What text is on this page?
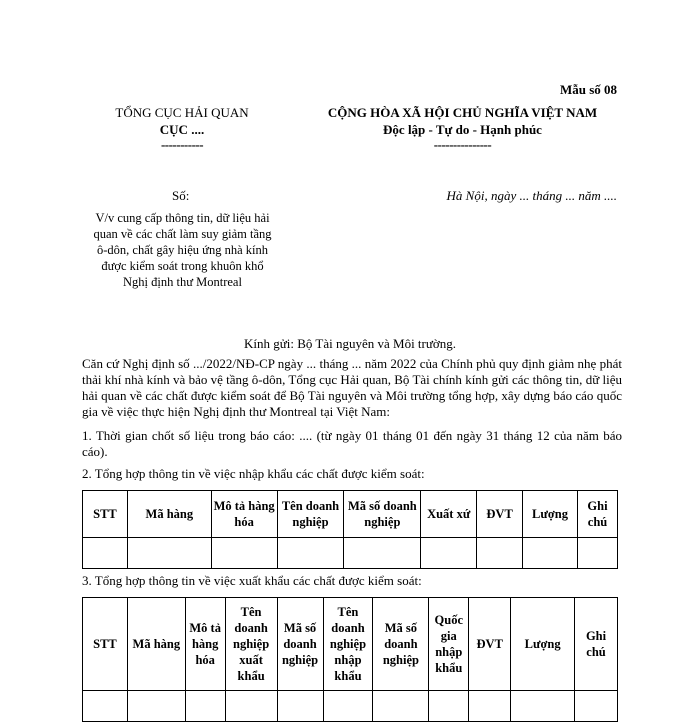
Mẫu số 08
TỔNG CỤC HẢI QUAN
CỤC ....
-----------
CỘNG HÒA XÃ HỘI CHỦ NGHĨA VIỆT NAM
Độc lập - Tự do - Hạnh phúc
---------------
Số:	Hà Nội, ngày ... tháng ... năm ....
V/v cung cấp thông tin, dữ liệu hải quan về các chất làm suy giảm tầng ô-dôn, chất gây hiệu ứng nhà kính được kiểm soát trong khuôn khổ Nghị định thư Montreal
Kính gửi: Bộ Tài nguyên và Môi trường.
Căn cứ Nghị định số .../2022/NĐ-CP ngày ... tháng ... năm 2022 của Chính phủ quy định giảm nhẹ phát thải khí nhà kính và bảo vệ tầng ô-dôn, Tổng cục Hải quan, Bộ Tài chính kính gửi các thông tin, dữ liệu hải quan về các chất được kiểm soát để Bộ Tài nguyên và Môi trường tổng hợp, xây dựng báo cáo quốc gia về việc thực hiện Nghị định thư Montreal tại Việt Nam:
1. Thời gian chốt số liệu trong báo cáo: .... (từ ngày 01 tháng 01 đến ngày 31 tháng 12 của năm báo cáo).
2. Tổng hợp thông tin về việc nhập khẩu các chất được kiểm soát:
STT	Mã hàng	Mô tả hàng hóa	Tên doanh nghiệp	Mã số doanh nghiệp	Xuất xứ	ĐVT	Lượng	Ghi chú

3. Tổng hợp thông tin về việc xuất khẩu các chất được kiểm soát:
STT	Mã hàng	Mô tả hàng hóa	Tên doanh nghiệp xuất khẩu	Mã số doanh nghiệp	Tên doanh nghiệp nhập khẩu	Mã số doanh nghiệp	Quốc gia nhập khẩu	ĐVT	Lượng	Ghi chú
